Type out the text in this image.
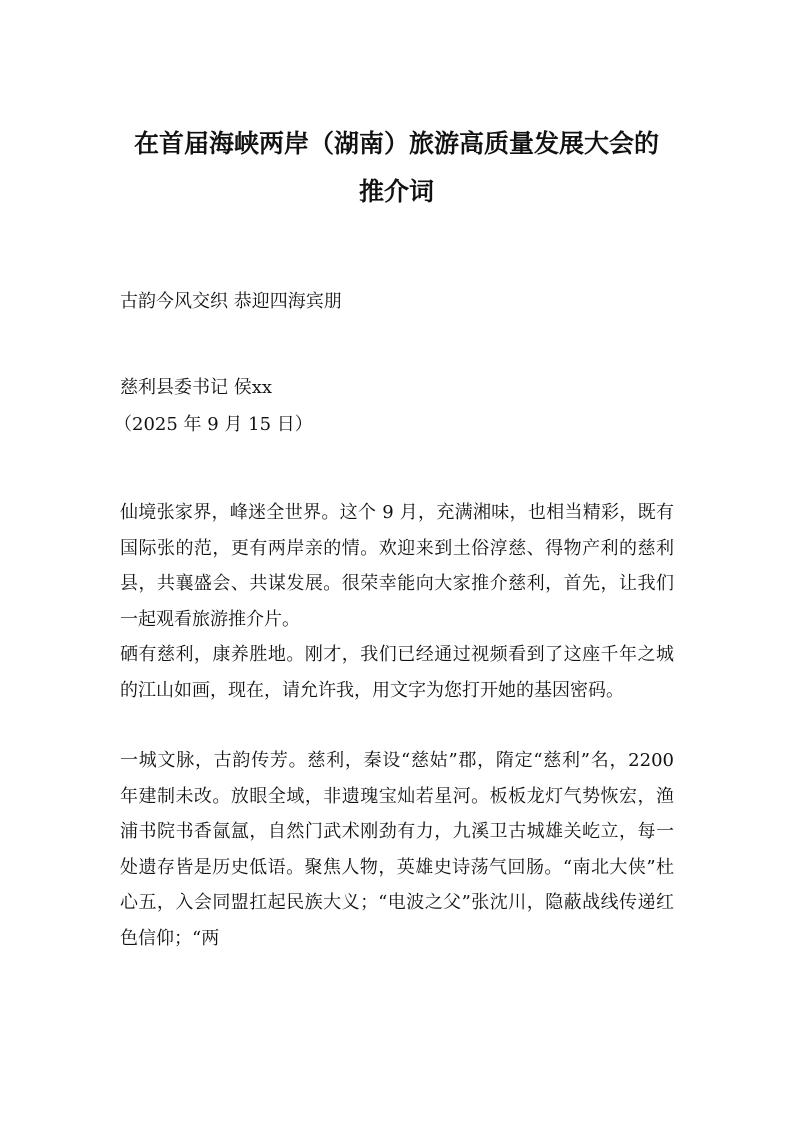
在首届海峡两岸（湖南）旅游高质量发展大会的
推介词

古韵今风交织 恭迎四海宾朋

慈利县委书记 侯xx

（2025 年 9 月 15 日）

仙境张家界，峰迷全世界。这个 9 月，充满湘味，也相当精彩，既有国际张的范，更有两岸亲的情。欢迎来到土俗淳慈、得物产利的慈利县，共襄盛会、共谋发展。很荣幸能向大家推介慈利，首先，让我们一起观看旅游推介片。

硒有慈利，康养胜地。刚才，我们已经通过视频看到了这座千年之城的江山如画，现在，请允许我，用文字为您打开她的基因密码。

一城文脉，古韵传芳。慈利，秦设“慈姑”郡，隋定“慈利”名，2200 年建制未改。放眼全域，非遗瑰宝灿若星河。板板龙灯气势恢宏，渔浦书院书香氤氲，自然门武术刚劲有力，九溪卫古城雄关屹立，每一处遗存皆是历史低语。聚焦人物，英雄史诗荡气回肠。“南北大侠”杜心五，入会同盟扛起民族大义；“电波之父”张沈川，隐蔽战线传递红色信仰；“两
